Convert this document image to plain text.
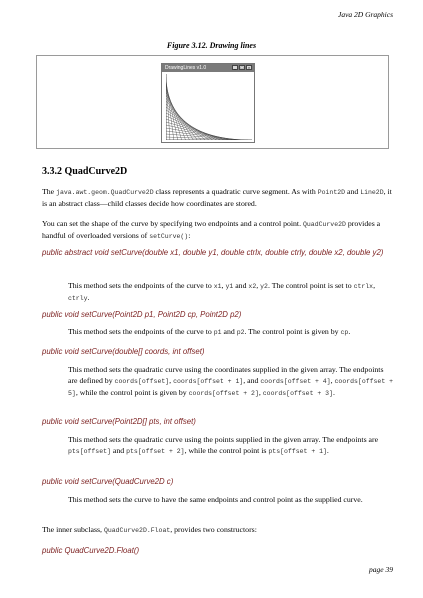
Java 2D Graphics
Figure 3.12. Drawing lines
DrawingLines v1.0	_	□	×
3.3.2 QuadCurve2D
The java.awt.geom.QuadCurve2D class represents a quadratic curve segment. As with Point2D and Line2D, it is an abstract class—child classes decide how coordinates are stored.
You can set the shape of the curve by specifying two endpoints and a control point. QuadCurve2D provides a handful of overloaded versions of setCurve():
public abstract void setCurve(double x1, double y1, double ctrlx, double ctrly, double x2, double y2)
This method sets the endpoints of the curve to x1, y1 and x2, y2. The control point is set to ctrlx, ctrly.
public void setCurve(Point2D p1, Point2D cp, Point2D p2)
This method sets the endpoints of the curve to p1 and p2. The control point is given by cp.
public void setCurve(double[] coords, int offset)
This method sets the quadratic curve using the coordinates supplied in the given array. The endpoints are defined by coords[offset], coords[offset + 1], and coords[offset + 4], coords[offset + 5], while the control point is given by coords[offset + 2], coords[offset + 3].
public void setCurve(Point2D[] pts, int offset)
This method sets the quadratic curve using the points supplied in the given array. The endpoints are pts[offset] and pts[offset + 2], while the control point is pts[offset + 1].
public void setCurve(QuadCurve2D c)
This method sets the curve to have the same endpoints and control point as the supplied curve.
The inner subclass, QuadCurve2D.Float, provides two constructors:
public QuadCurve2D.Float()
page 39
